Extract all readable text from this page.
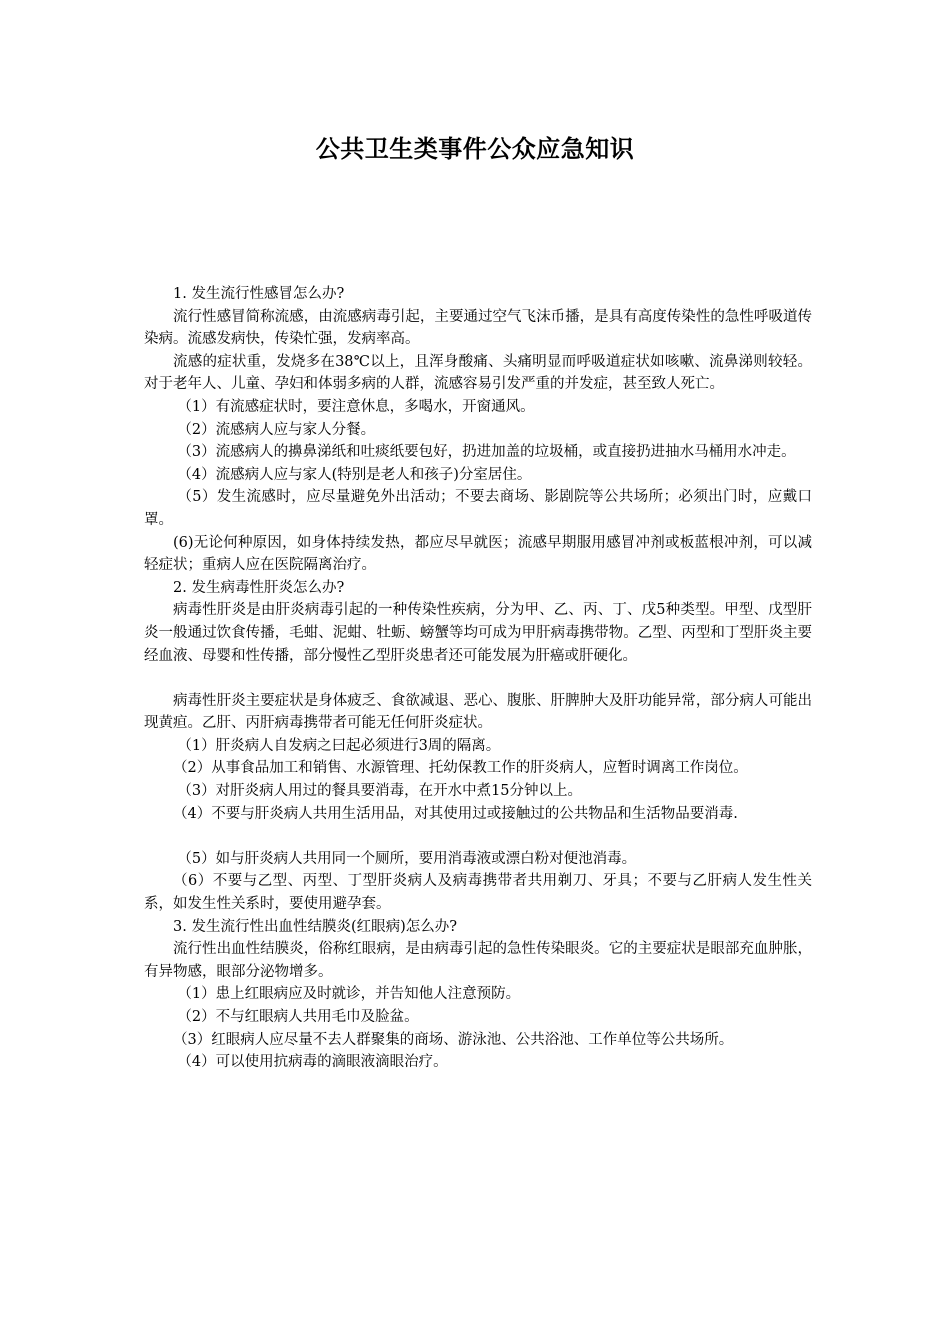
公共卫生类事件公众应急知识

1. 发生流行性感冒怎么办?

流行性感冒简称流感，由流感病毒引起，主要通过空气飞沫币播，是具有高度传染性的急性呼吸道传染病。流感发病快，传染忙强，发病率高。

流感的症状重，发烧多在38℃以上，且浑身酸痛、头痛明显而呼吸道症状如咳嗽、流鼻涕则较轻。对于老年人、儿童、孕妇和体弱多病的人群，流感容易引发严重的并发症，甚至致人死亡。

（1）有流感症状时，要注意休息，多喝水，开窗通风。

（2）流感病人应与家人分餐。

（3）流感病人的擤鼻涕纸和吐痰纸要包好，扔进加盖的垃圾桶，或直接扔进抽水马桶用水冲走。

（4）流感病人应与家人(特别是老人和孩子)分室居住。

（5）发生流感时，应尽量避免外出活动；不要去商场、影剧院等公共场所；必须出门时，应戴口罩。

(6)无论何种原因，如身体持续发热，都应尽早就医；流感早期服用感冒冲剂或板蓝根冲剂，可以减轻症状；重病人应在医院隔离治疗。

2. 发生病毒性肝炎怎么办?

病毒性肝炎是由肝炎病毒引起的一种传染性疾病，分为甲、乙、丙、丁、戊5种类型。甲型、戊型肝炎一般通过饮食传播，毛蚶、泥蚶、牡蛎、螃蟹等均可成为甲肝病毒携带物。乙型、丙型和丁型肝炎主要经血液、母婴和性传播，部分慢性乙型肝炎患者还可能发展为肝癌或肝硬化。

病毒性肝炎主要症状是身体疲乏、食欲减退、恶心、腹胀、肝脾肿大及肝功能异常，部分病人可能出现黄疸。乙肝、丙肝病毒携带者可能无任何肝炎症状。

（1）肝炎病人自发病之曰起必须进行3周的隔离。

（2）从事食品加工和销售、水源管理、托幼保教工作的肝炎病人，应暂时调离工作岗位。

（3）对肝炎病人用过的餐具要消毒，在开水中煮15分钟以上。

（4）不要与肝炎病人共用生活用品，对其使用过或接触过的公共物品和生活物品要消毒.

（5）如与肝炎病人共用同一个厕所，要用消毒液或漂白粉对便池消毒。

（6）不要与乙型、丙型、丁型肝炎病人及病毒携带者共用剃刀、牙具；不要与乙肝病人发生性关系，如发生性关系时，要使用避孕套。

3. 发生流行性出血性结膜炎(红眼病)怎么办?

流行性出血性结膜炎，俗称红眼病，是由病毒引起的急性传染眼炎。它的主要症状是眼部充血肿胀，有异物感，眼部分泌物增多。

（1）患上红眼病应及时就诊，并告知他人注意预防。

（2）不与红眼病人共用毛巾及脸盆。

（3）红眼病人应尽量不去人群聚集的商场、游泳池、公共浴池、工作单位等公共场所。

（4）可以使用抗病毒的滴眼液滴眼治疗。
